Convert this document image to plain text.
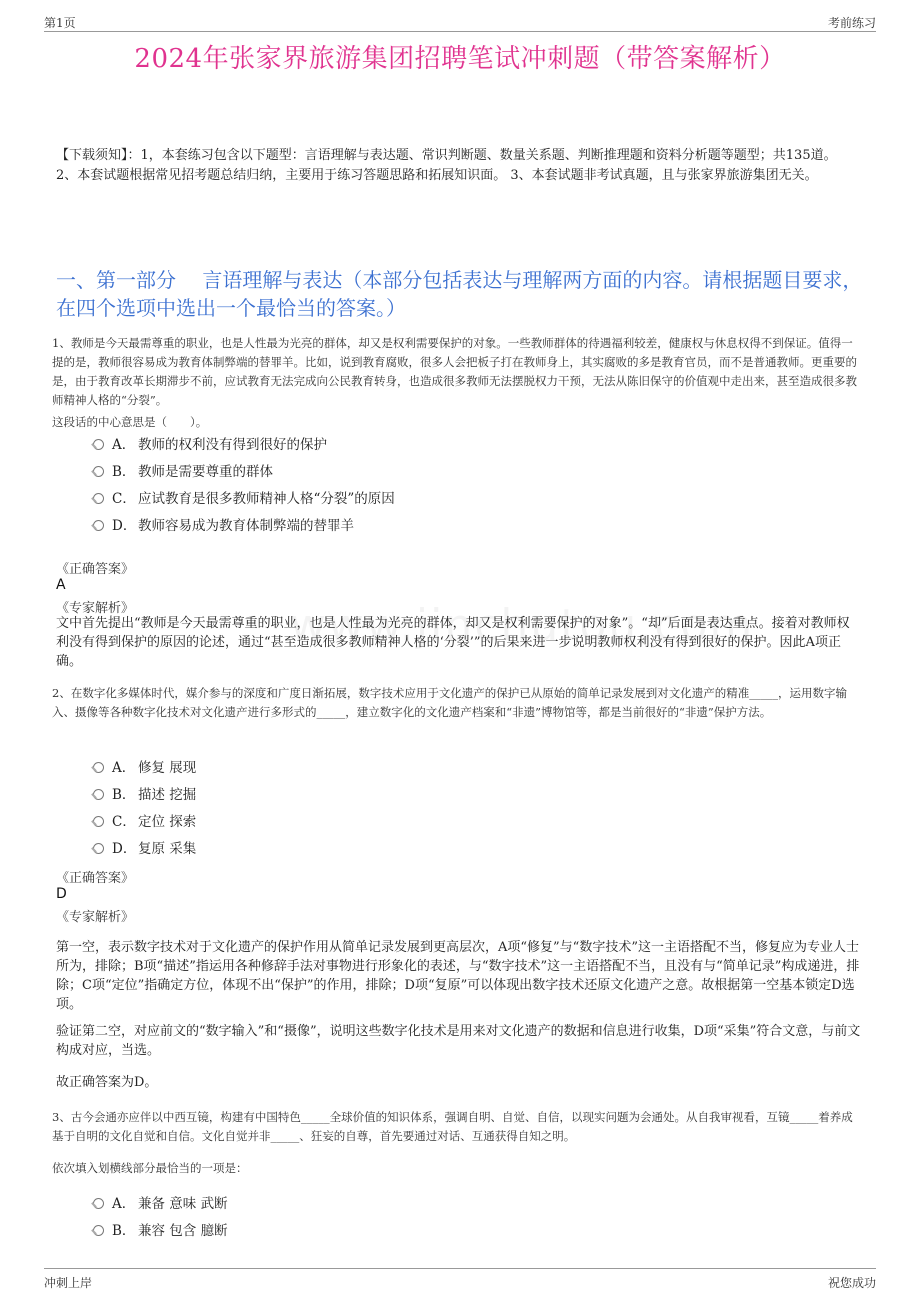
第1页	考前练习
2024年张家界旅游集团招聘笔试冲刺题（带答案解析）
【下载须知】：1，本套练习包含以下题型：言语理解与表达题、常识判断题、数量关系题、判断推理题和资料分析题等题型；共135道。 2、本套试题根据常见招考题总结归纳，主要用于练习答题思路和拓展知识面。 3、本套试题非考试真题，且与张家界旅游集团无关。
一、第一部分　 言语理解与表达（本部分包括表达与理解两方面的内容。请根据题目要求，在四个选项中选出一个最恰当的答案。）
1、教师是今天最需尊重的职业，也是人性最为光亮的群体，却又是权利需要保护的对象。一些教师群体的待遇福利较差，健康权与休息权得不到保证。值得一提的是，教师很容易成为教育体制弊端的替罪羊。比如，说到教育腐败，很多人会把板子打在教师身上，其实腐败的多是教育官员，而不是普通教师。更重要的是，由于教育改革长期滞步不前，应试教育无法完成向公民教育转身，也造成很多教师无法摆脱权力干预，无法从陈旧保守的价值观中走出来，甚至造成很多教师精神人格的“分裂”。
这段话的中心意思是（　　）。
A． 教师的权利没有得到很好的保护
B． 教师是需要尊重的群体
C． 应试教育是很多教师精神人格“分裂”的原因
D． 教师容易成为教育体制弊端的替罪羊
《正确答案》
A
《专家解析》
文中首先提出“教师是今天最需尊重的职业，也是人性最为光亮的群体，却又是权利需要保护的对象”。“却”后面是表达重点。接着对教师权利没有得到保护的原因的论述，通过“甚至造成很多教师精神人格的‘分裂’”的后果来进一步说明教师权利没有得到很好的保护。因此A项正确。
2、在数字化多媒体时代，媒介参与的深度和广度日渐拓展，数字技术应用于文化遗产的保护已从原始的简单记录发展到对文化遗产的精准_____，运用数字输入、摄像等各种数字化技术对文化遗产进行多形式的_____，建立数字化的文化遗产档案和“非遗”博物馆等，都是当前很好的“非遗”保护方法。
A． 修复 展现
B． 描述 挖掘
C． 定位 探索
D． 复原 采集
《正确答案》
D
《专家解析》
第一空，表示数字技术对于文化遗产的保护作用从简单记录发展到更高层次，A项“修复”与“数字技术”这一主语搭配不当，修复应为专业人士所为，排除；B项“描述”指运用各种修辞手法对事物进行形象化的表述，与“数字技术”这一主语搭配不当，且没有与“简单记录”构成递进，排除；C项“定位”指确定方位，体现不出“保护”的作用，排除；D项“复原”可以体现出数字技术还原文化遗产之意。故根据第一空基本锁定D选项。
验证第二空，对应前文的“数字输入”和“摄像”，说明这些数字化技术是用来对文化遗产的数据和信息进行收集，D项“采集”符合文意，与前文构成对应，当选。
故正确答案为D。
3、古今会通亦应伴以中西互镜，构建有中国特色_____全球价值的知识体系，强调自明、自觉、自信，以现实问题为会通处。从自我审视看，互镜_____着养成基于自明的文化自觉和自信。文化自觉并非_____、狂妄的自尊，首先要通过对话、互通获得自知之明。
依次填入划横线部分最恰当的一项是：
A． 兼备 意味 武断
B． 兼容 包含 臆断
冲刺上岸	祝您成功
